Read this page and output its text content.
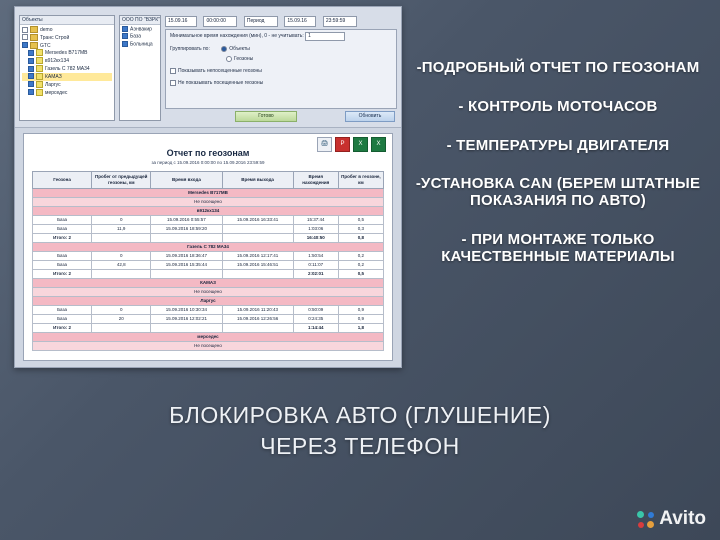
Объекты
demo
Транс Строй
GTC
Mersedes B717MB
в912кх134
Газель С 782 МА34
КАМАЗ
Ларгус
мерседес
ООО ПО "ВЗРК"
Аэнвакир
База
Больница
15.09.16	00:00:00	Период	15.09.16	23:59:59
Минимальное время нахождения (мин), 0 - не учитывать: 1
Группировать по:	Объекты
Геозоны
Показывать непосещенные геозоны
Не показывать посещенные геозоны
Готово	Обновить
🖨	P	X	X
Отчет по геозонам
за период с 15.09.2016 0:00:00 по 15.09.2016 23:59:59
Геозона	Пробег от предыдущей геозоны, км	Время входа	Время выхода	Время нахождения	Пробег в геозоне, км
Mersedes B717MB					
Не посещено					
в912кх134					
База	0	15.09.2016 0:55:57	15.09.2016 16:33:41	15:37:44	0,5
База	11,9	15.09.2016 18:59:20		1:03:06	0,3
Итого: 2				16:40:50	0,8
Газель С 782 МА34					
База	0	15.09.2016 18:36:47	15.09.2016 12:17:41	1:50:54	0,2
База	42,8	15.09.2016 15:35:44	15.09.2016 15:46:51	0:11:07	0,2
Итого: 2				2:02:01	0,5
КАМАЗ					
Не посещено					
Ларгус					
База	0	15.09.2016 10:30:34	15.09.2016 11:20:43	0:50:09	0,9
База	20	15.09.2016 12:02:21	15.09.2016 12:26:56	0:24:35	0,9
Итого: 2				1:14:44	1,8
мерседес					
Не посещено					
-ПОДРОБНЫЙ ОТЧЕТ ПО ГЕОЗОНАМ
- КОНТРОЛЬ МОТОЧАСОВ
- ТЕМПЕРАТУРЫ ДВИГАТЕЛЯ
-УСТАНОВКА CAN (БЕРЕМ ШТАТНЫЕ ПОКАЗАНИЯ ПО АВТО)
- ПРИ МОНТАЖЕ ТОЛЬКО КАЧЕСТВЕННЫЕ МАТЕРИАЛЫ
БЛОКИРОВКА АВТО (ГЛУШЕНИЕ)
ЧЕРЕЗ ТЕЛЕФОН
Avito
